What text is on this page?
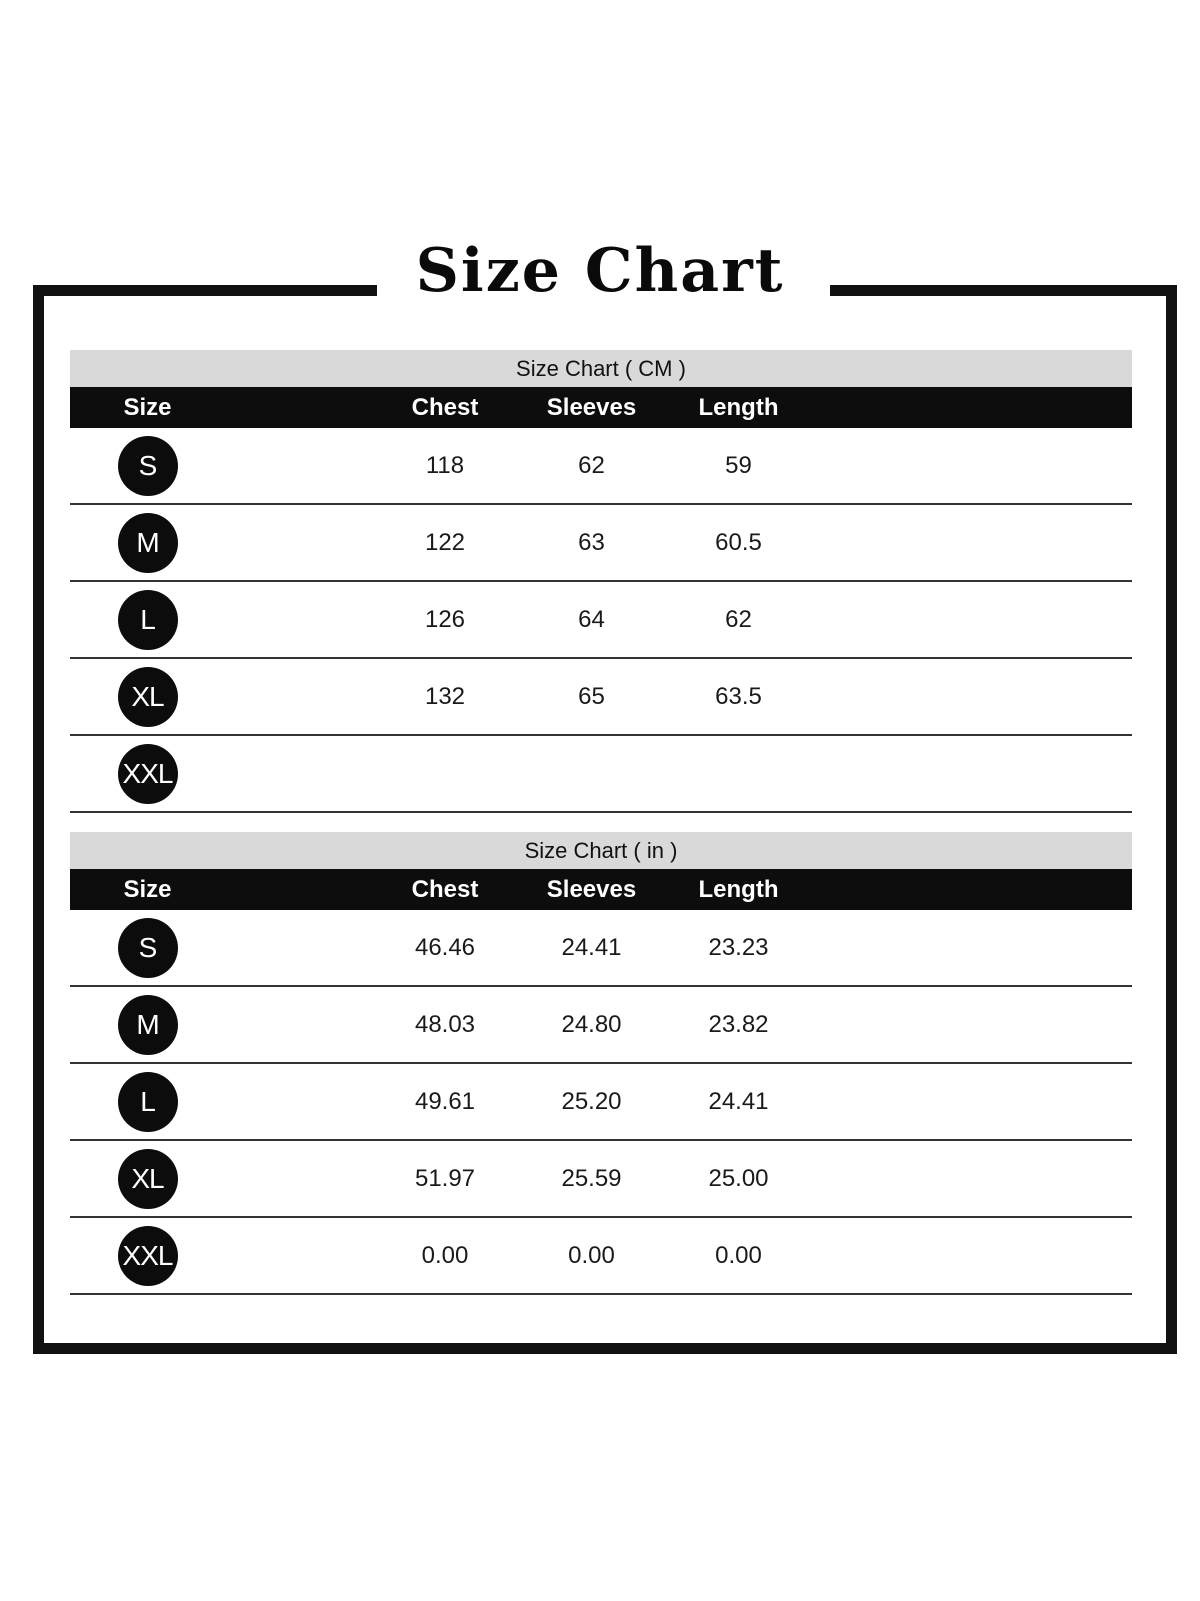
Size Chart
Size Chart ( CM )
Size	Chest	Sleeves	Length
S	118	62	59
M	122	63	60.5
L	126	64	62
XL	132	65	63.5
XXL
Size Chart ( in )
Size	Chest	Sleeves	Length
S	46.46	24.41	23.23
M	48.03	24.80	23.82
L	49.61	25.20	24.41
XL	51.97	25.59	25.00
XXL	0.00	0.00	0.00
